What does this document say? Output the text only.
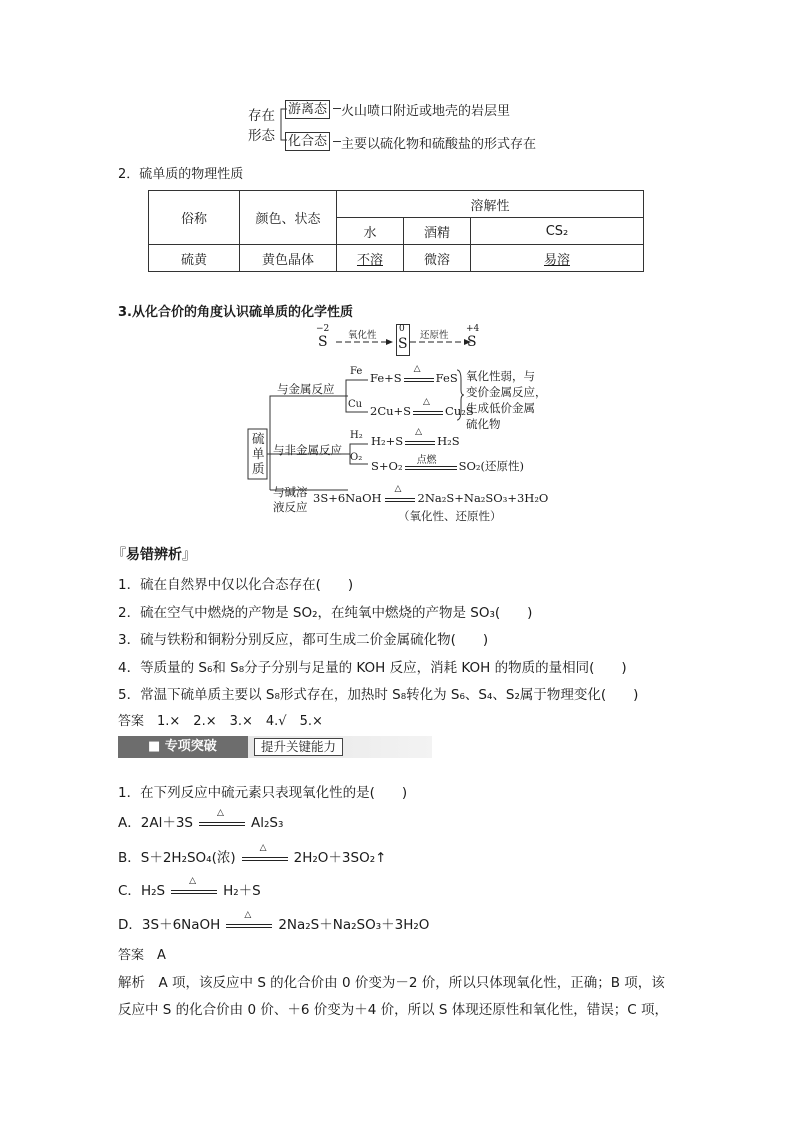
存在
形态
游离态 火山喷口附近或地壳的岩层里
化合态 主要以硫化物和硫酸盐的形式存在
2．硫单质的物理性质
俗称	颜色、状态	溶解性		
		水	酒精	CS₂
硫黄	黄色晶体	不溶	微溶	易溶
3.从化合价的角度认识硫单质的化学性质
−2
S 氧化性
0
S
还原性
+4
S
硫
单
质
与金属反应
Fe Fe+S
△
FeS
Cu 2Cu+S
△
Cu₂S
氧化性弱，与
变价金属反应，
生成低价金属
硫化物
与非金属反应
H₂ H₂+S
△
H₂S
O₂
S+O₂ 点燃 SO₂(还原性)
与碱溶
液反应
3S+6NaOH
△
2Na₂S+Na₂SO₃+3H₂O
（氧化性、还原性）
『易错辨析』
1．硫在自然界中仅以化合态存在(　　)
2．硫在空气中燃烧的产物是 SO₂，在纯氧中燃烧的产物是 SO₃(　　)
3．硫与铁粉和铜粉分别反应，都可生成二价金属硫化物(　　)
4．等质量的 S₆和 S₈分子分别与足量的 KOH 反应，消耗 KOH 的物质的量相同(　　)
5．常温下硫单质主要以 S₈形式存在，加热时 S₈转化为 S₆、S₄、S₂属于物理变化(　　)
答案　1.×　2.×　3.×　4.√　5.×
■ 专项突破	提升关键能力
1．在下列反应中硫元素只表现氧化性的是(　　)
A．2Al＋3S
△
Al₂S₃
B．S＋2H₂SO₄(浓)
△
2H₂O＋3SO₂↑
C．H₂S
△
H₂＋S
D．3S＋6NaOH
△
2Na₂S＋Na₂SO₃＋3H₂O
答案　A
解析　A 项，该反应中 S 的化合价由 0 价变为－2 价，所以只体现氧化性，正确；B 项，该
反应中 S 的化合价由 0 价、＋6 价变为＋4 价，所以 S 体现还原性和氧化性，错误；C 项，
